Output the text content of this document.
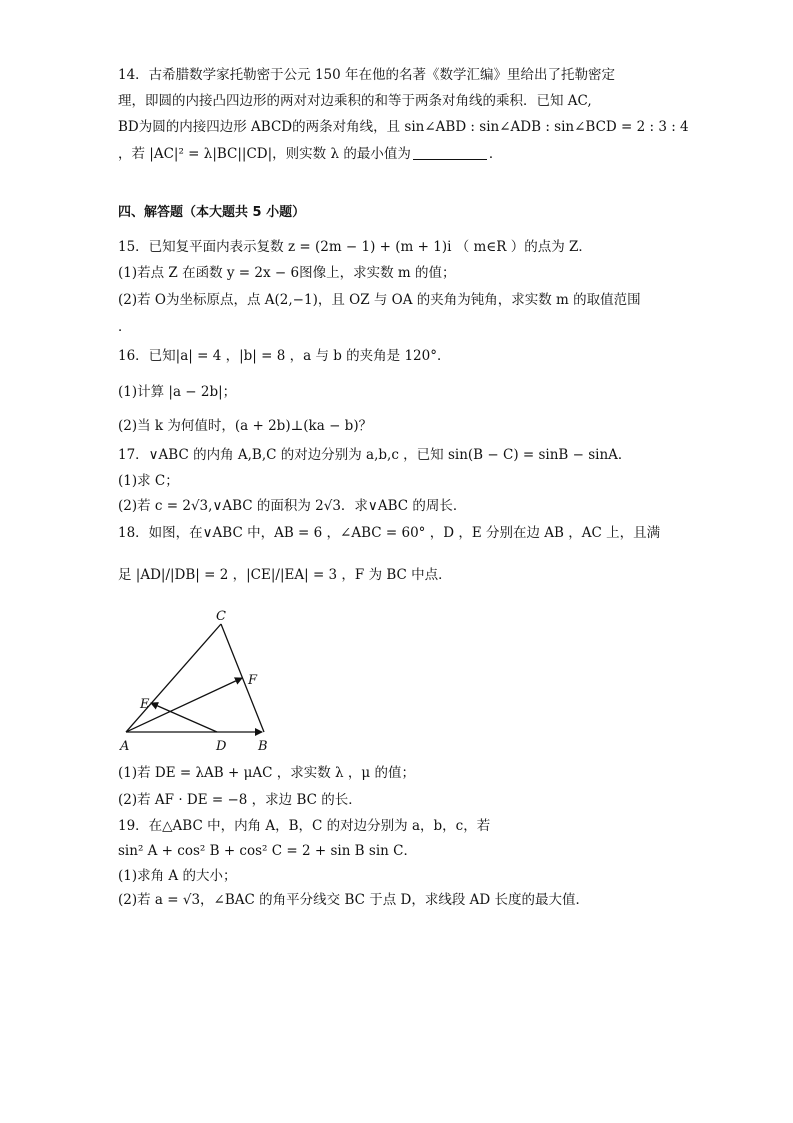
14．古希腊数学家托勒密于公元 150 年在他的名著《数学汇编》里给出了托勒密定
理，即圆的内接凸四边形的两对对边乘积的和等于两条对角线的乘积．已知 AC,
BD为圆的内接四边形 ABCD的两条对角线，且 sin∠ABD : sin∠ADB : sin∠BCD = 2 : 3 : 4
，若 |AC|² = λ|BC||CD|，则实数 λ 的最小值为	．
四、解答题（本大题共 5 小题）
15．已知复平面内表示复数 z = (2m − 1) + (m + 1)i （ m∈R ）的点为 Z．
(1)若点 Z 在函数 y = 2x − 6图像上，求实数 m 的值；
(2)若 O为坐标原点，点 A(2,−1)，且 OZ 与 OA 的夹角为钝角，求实数 m 的取值范围
．
16．已知|a| = 4 ，|b| = 8 ，a 与 b 的夹角是 120°．
(1)计算 |a − 2b|；
(2)当 k 为何值时，(a + 2b)⊥(ka − b)？
17．∨ABC 的内角 A,B,C 的对边分别为 a,b,c ，已知 sin(B − C) = sinB − sinA．
(1)求 C；
(2)若 c = 2√3,∨ABC 的面积为 2√3．求∨ABC 的周长．
18．如图，在∨ABC 中，AB = 6 ，∠ABC = 60° ，D ，E 分别在边 AB ，AC 上，且满
足 |AD|/|DB| = 2 ，|CE|/|EA| = 3 ，F 为 BC 中点．
A	B
C
D
E
F
(1)若 DE = λAB + μAC ，求实数 λ ，μ 的值；
(2)若 AF · DE = −8 ，求边 BC 的长．
19．在△ABC 中，内角 A，B，C 的对边分别为 a，b，c，若
sin² A + cos² B + cos² C = 2 + sin B sin C．
(1)求角 A 的大小；
(2)若 a = √3，∠BAC 的角平分线交 BC 于点 D，求线段 AD 长度的最大值．
